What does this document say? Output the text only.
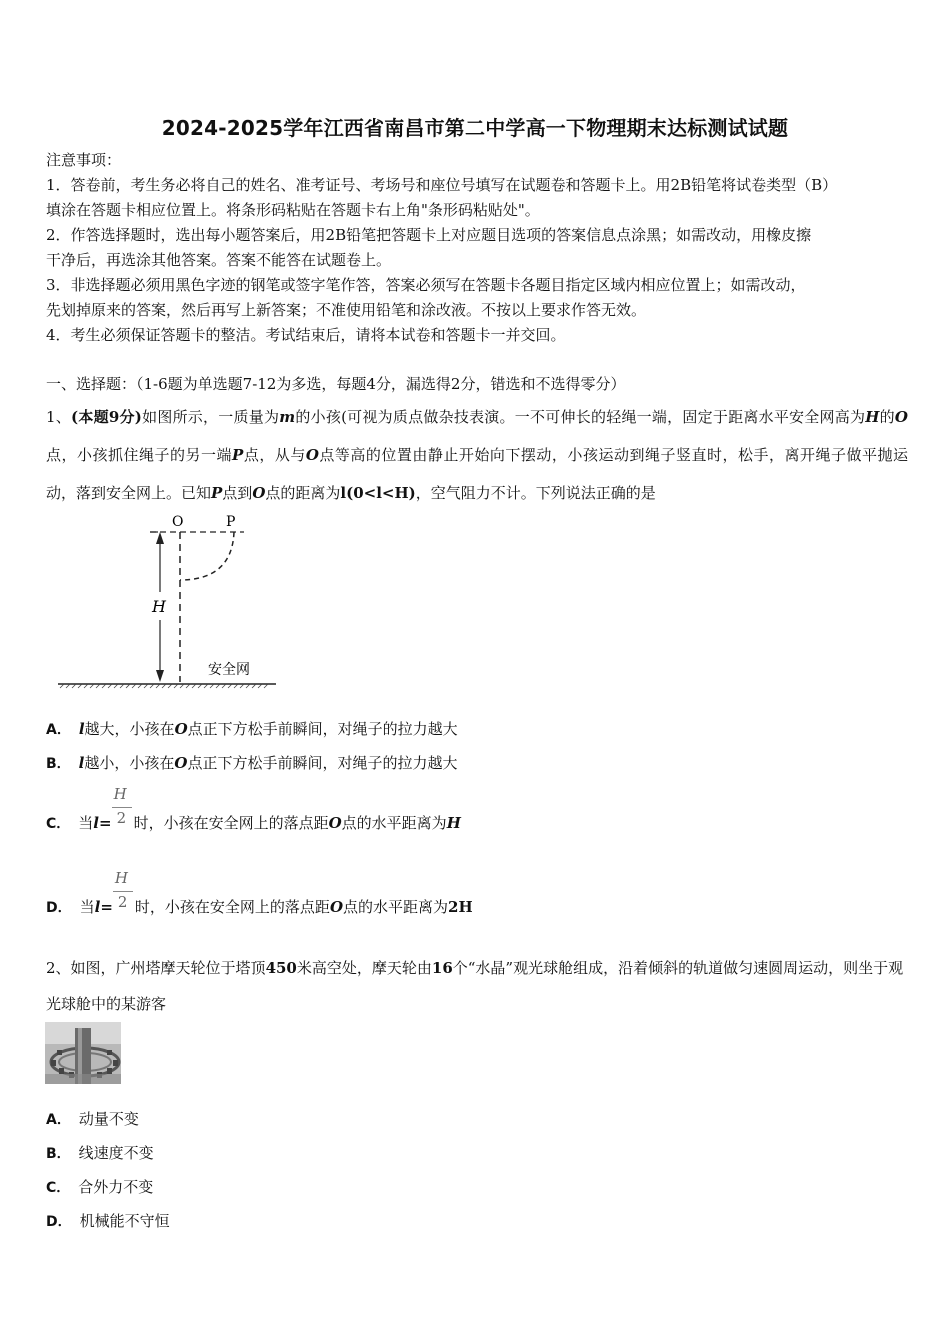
2024-2025学年江西省南昌市第二中学高一下物理期末达标测试试题

注意事项：

1．答卷前，考生务必将自己的姓名、准考证号、考场号和座位号填写在试题卷和答题卡上。用2B铅笔将试卷类型（B）

填涂在答题卡相应位置上。将条形码粘贴在答题卡右上角"条形码粘贴处"。

2．作答选择题时，选出每小题答案后，用2B铅笔把答题卡上对应题目选项的答案信息点涂黑；如需改动，用橡皮擦

干净后，再选涂其他答案。答案不能答在试题卷上。

3．非选择题必须用黑色字迹的钢笔或签字笔作答，答案必须写在答题卡各题目指定区域内相应位置上；如需改动，

先划掉原来的答案，然后再写上新答案；不准使用铅笔和涂改液。不按以上要求作答无效。

4．考生必须保证答题卡的整洁。考试结束后，请将本试卷和答题卡一并交回。

一、选择题：（1-6题为单选题7-12为多选，每题4分，漏选得2分，错选和不选得零分）
1、(本题9分)如图所示，一质量为m的小孩(可视为质点做杂技表演。一不可伸长的轻绳一端，固定于距离水平安全网高为H的O点，小孩抓住绳子的另一端P点，从与O点等高的位置由静止开始向下摆动，小孩运动到绳子竖直时，松手，离开绳子做平抛运动，落到安全网上。已知P点到O点的距离为l(0<l<H)，空气阻力不计。下列说法正确的是
H
O	P
安全网
A． l越大，小孩在O点正下方松手前瞬间，对绳子的拉力越大
B． l越小，小孩在O点正下方松手前瞬间，对绳子的拉力越大
C． 当$l= \frac{H}{2}$ 时，小孩在安全网上的落点距O点的水平距离为H
D． 当$l= \frac{H}{2}$ 时，小孩在安全网上的落点距O点的水平距离为2H
2、如图，广州塔摩天轮位于塔顶450米高空处，摩天轮由16个“水晶”观光球舱组成，沿着倾斜的轨道做匀速圆周运动，则坐于观光球舱中的某游客
A． 动量不变
B． 线速度不变
C． 合外力不变
D． 机械能不守恒
